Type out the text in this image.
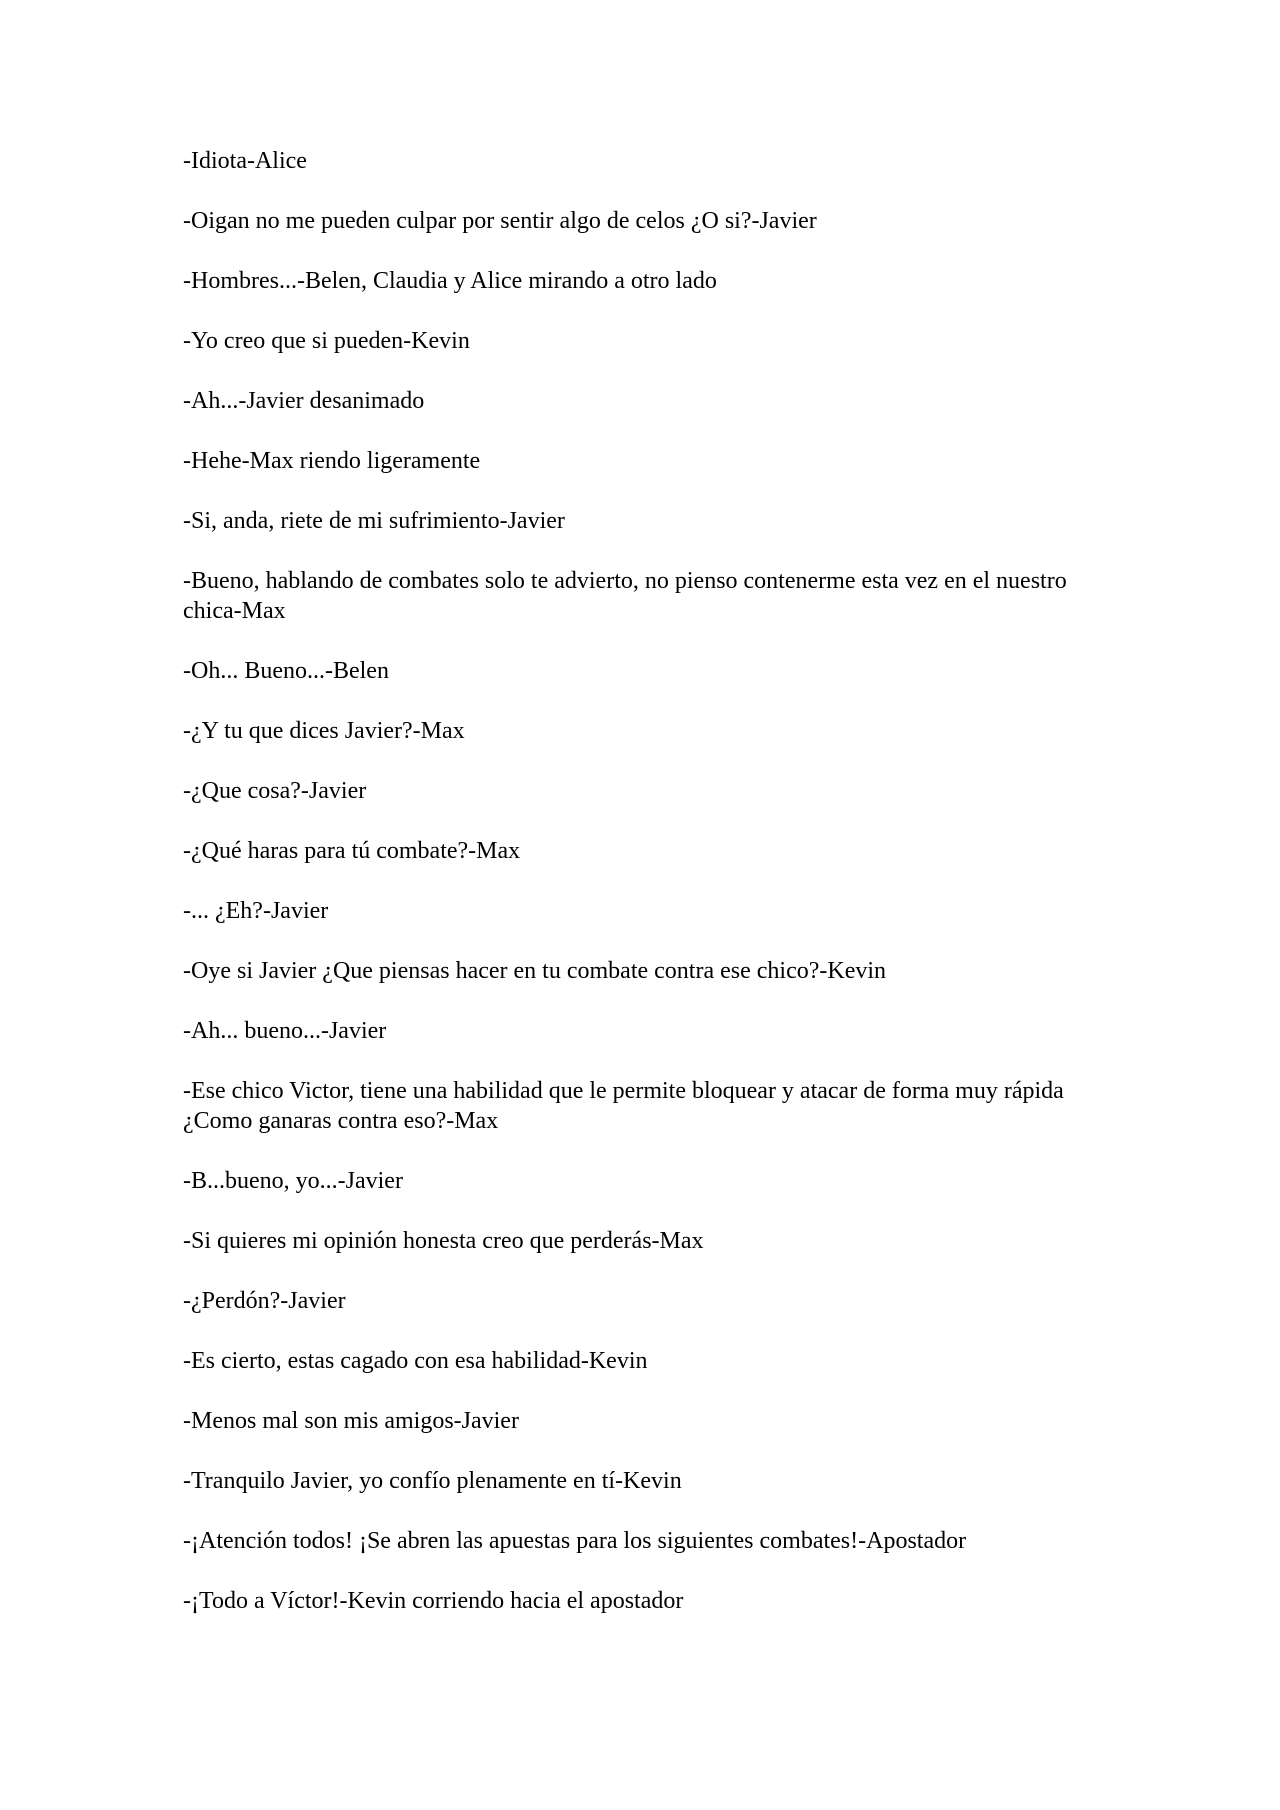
-Idiota-Alice

-Oigan no me pueden culpar por sentir algo de celos ¿O si?-Javier

-Hombres...-Belen, Claudia y Alice mirando a otro lado

-Yo creo que si pueden-Kevin

-Ah...-Javier desanimado

-Hehe-Max riendo ligeramente

-Si, anda, riete de mi sufrimiento-Javier

-Bueno, hablando de combates solo te advierto, no pienso contenerme esta vez en el nuestro chica-Max

-Oh... Bueno...-Belen

-¿Y tu que dices Javier?-Max

-¿Que cosa?-Javier

-¿Qué haras para tú combate?-Max

-... ¿Eh?-Javier

-Oye si Javier ¿Que piensas hacer en tu combate contra ese chico?-Kevin

-Ah... bueno...-Javier

-Ese chico Victor, tiene una habilidad que le permite bloquear y atacar de forma muy rápida ¿Como ganaras contra eso?-Max

-B...bueno, yo...-Javier

-Si quieres mi opinión honesta creo que perderás-Max

-¿Perdón?-Javier

-Es cierto, estas cagado con esa habilidad-Kevin

-Menos mal son mis amigos-Javier

-Tranquilo Javier, yo confío plenamente en tí-Kevin

-¡Atención todos! ¡Se abren las apuestas para los siguientes combates!-Apostador

-¡Todo a Víctor!-Kevin corriendo hacia el apostador
